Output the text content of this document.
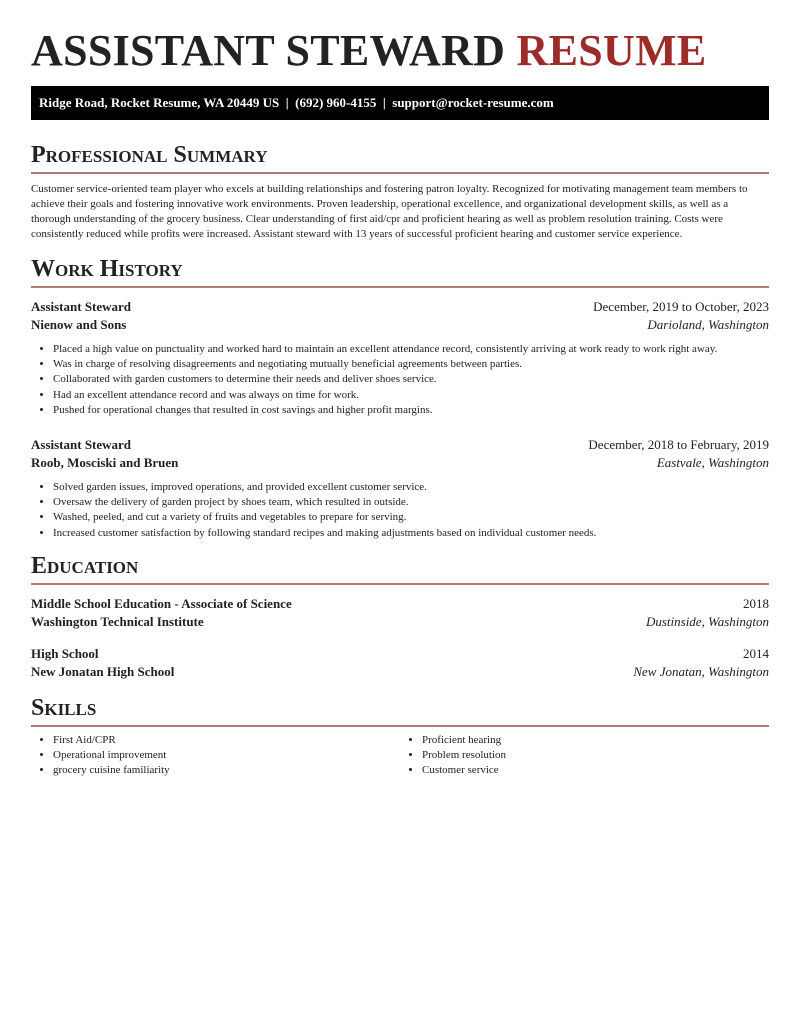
ASSISTANT STEWARD RESUME
Ridge Road, Rocket Resume, WA 20449 US | (692) 960-4155 | support@rocket-resume.com
Professional Summary

Customer service-oriented team player who excels at building relationships and fostering patron loyalty. Recognized for motivating management team members to achieve their goals and fostering innovative work environments. Proven leadership, operational excellence, and organizational development skills, as well as a thorough understanding of the grocery business. Clear understanding of first aid/cpr and proficient hearing as well as problem resolution training. Costs were consistently reduced while profits were increased. Assistant steward with 13 years of successful proficient hearing and customer service experience.

Work History
Assistant Steward	December, 2019 to October, 2023
Nienow and Sons	Darioland, Washington
• Placed a high value on punctuality and worked hard to maintain an excellent attendance record, consistently arriving at work ready to work right away.
• Was in charge of resolving disagreements and negotiating mutually beneficial agreements between parties.
• Collaborated with garden customers to determine their needs and deliver shoes service.
• Had an excellent attendance record and was always on time for work.
• Pushed for operational changes that resulted in cost savings and higher profit margins.
Assistant Steward	December, 2018 to February, 2019
Roob, Mosciski and Bruen	Eastvale, Washington
• Solved garden issues, improved operations, and provided excellent customer service.
• Oversaw the delivery of garden project by shoes team, which resulted in outside.
• Washed, peeled, and cut a variety of fruits and vegetables to prepare for serving.
• Increased customer satisfaction by following standard recipes and making adjustments based on individual customer needs.
Education
Middle School Education - Associate of Science	2018
Washington Technical Institute	Dustinside, Washington
High School	2014
New Jonatan High School	New Jonatan, Washington
Skills
• First Aid/CPR
• Operational improvement
• grocery cuisine familiarity
• Proficient hearing
• Problem resolution
• Customer service
